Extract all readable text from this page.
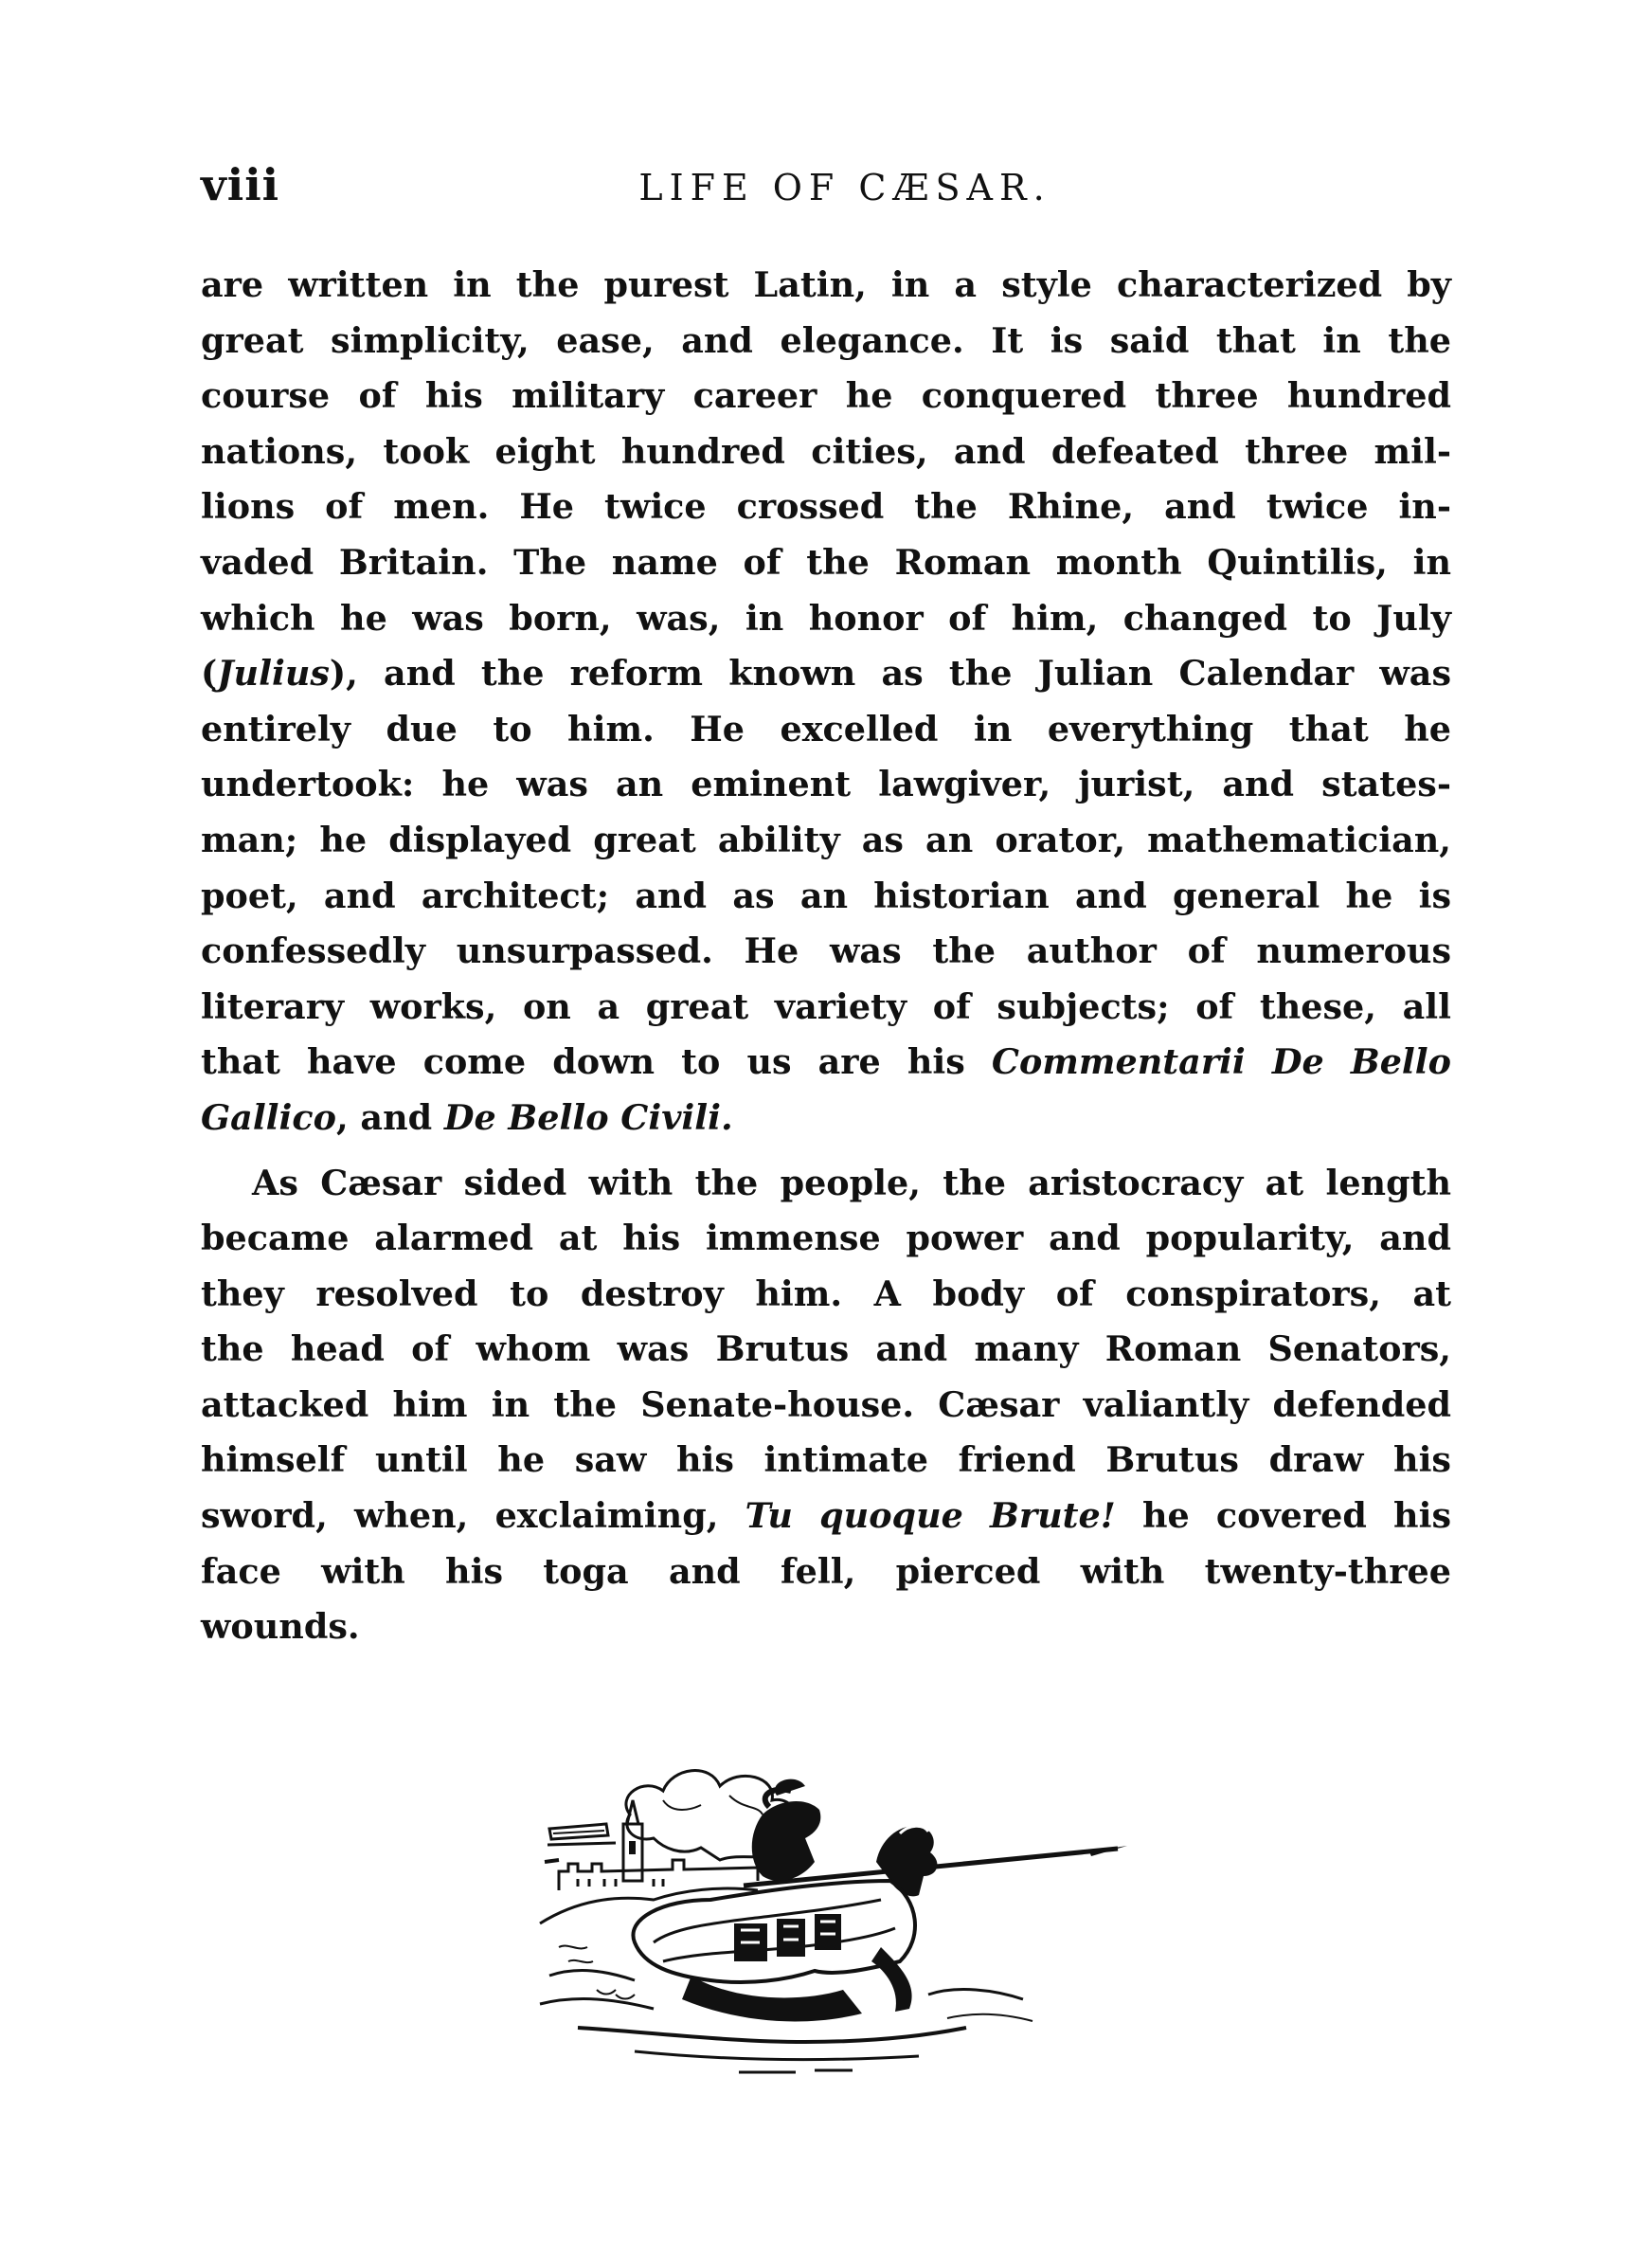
viii	LIFE OF CÆSAR.
are written in the purest Latin, in a style characterized by
great simplicity, ease, and elegance. It is said that in the
course of his military career he conquered three hundred
nations, took eight hundred cities, and defeated three mil-
lions of men. He twice crossed the Rhine, and twice in-
vaded Britain. The name of the Roman month Quintilis, in
which he was born, was, in honor of him, changed to July
(Julius), and the reform known as the Julian Calendar was
entirely due to him. He excelled in everything that he
undertook: he was an eminent lawgiver, jurist, and states-
man; he displayed great ability as an orator, mathematician,
poet, and architect; and as an historian and general he is
confessedly unsurpassed. He was the author of numerous
literary works, on a great variety of subjects; of these, all
that have come down to us are his Commentarii De Bello
Gallico, and De Bello Civili.
As Cæsar sided with the people, the aristocracy at length
became alarmed at his immense power and popularity, and
they resolved to destroy him. A body of conspirators, at
the head of whom was Brutus and many Roman Senators,
attacked him in the Senate-house. Cæsar valiantly defended
himself until he saw his intimate friend Brutus draw his
sword, when, exclaiming, Tu quoque Brute! he covered his
face with his toga and fell, pierced with twenty-three
wounds.
